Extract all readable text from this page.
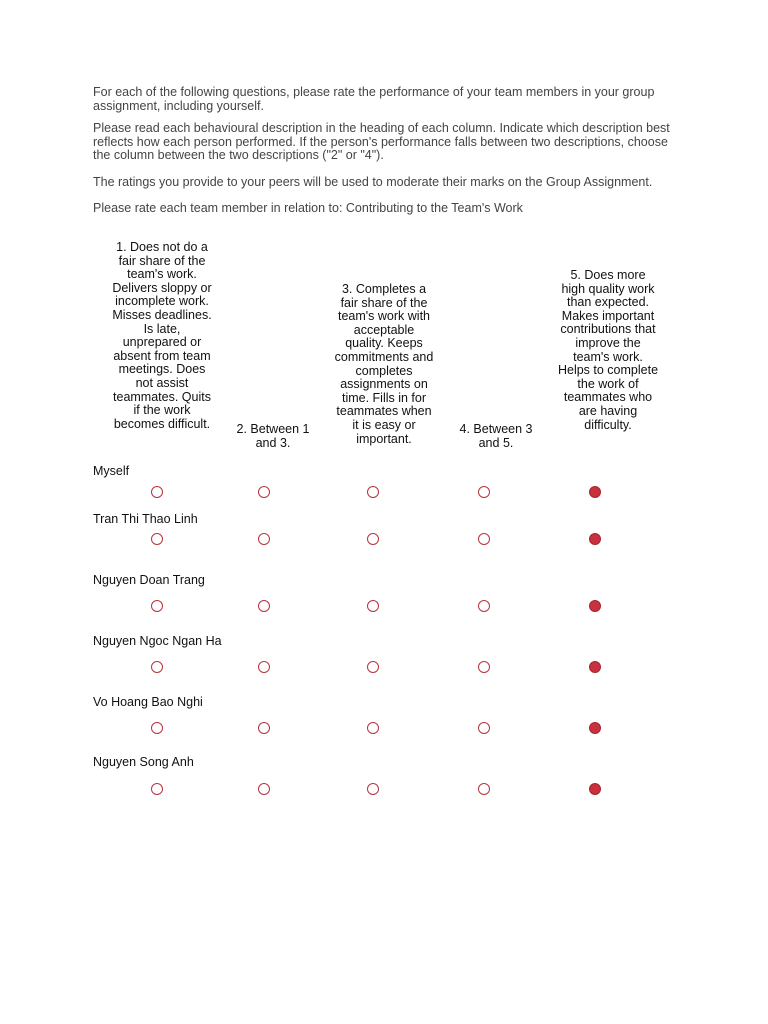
For each of the following questions, please rate the performance of your team members in your group assignment, including yourself.

Please read each behavioural description in the heading of each column. Indicate which description best reflects how each person performed. If the person's performance falls between two descriptions, choose the column between the two descriptions ("2" or "4").

The ratings you provide to your peers will be used to moderate their marks on the Group Assignment.

Please rate each team member in relation to: Contributing to the Team's Work

1. Does not do a fair share of the team's work. Delivers sloppy or incomplete work. Misses deadlines. Is late, unprepared or absent from team meetings. Does not assist teammates. Quits if the work becomes difficult.	2. Between 1 and 3.
3. Completes a fair share of the team's work with acceptable quality. Keeps commitments and completes assignments on time. Fills in for teammates when it is easy or important.
4. Between 3 and 5.
5. Does more high quality work than expected. Makes important contributions that improve the team's work. Helps to complete the work of teammates who are having difficulty.
Myself
Tran Thi Thao Linh
Nguyen Doan Trang
Nguyen Ngoc Ngan Ha
Vo Hoang Bao Nghi
Nguyen Song Anh
